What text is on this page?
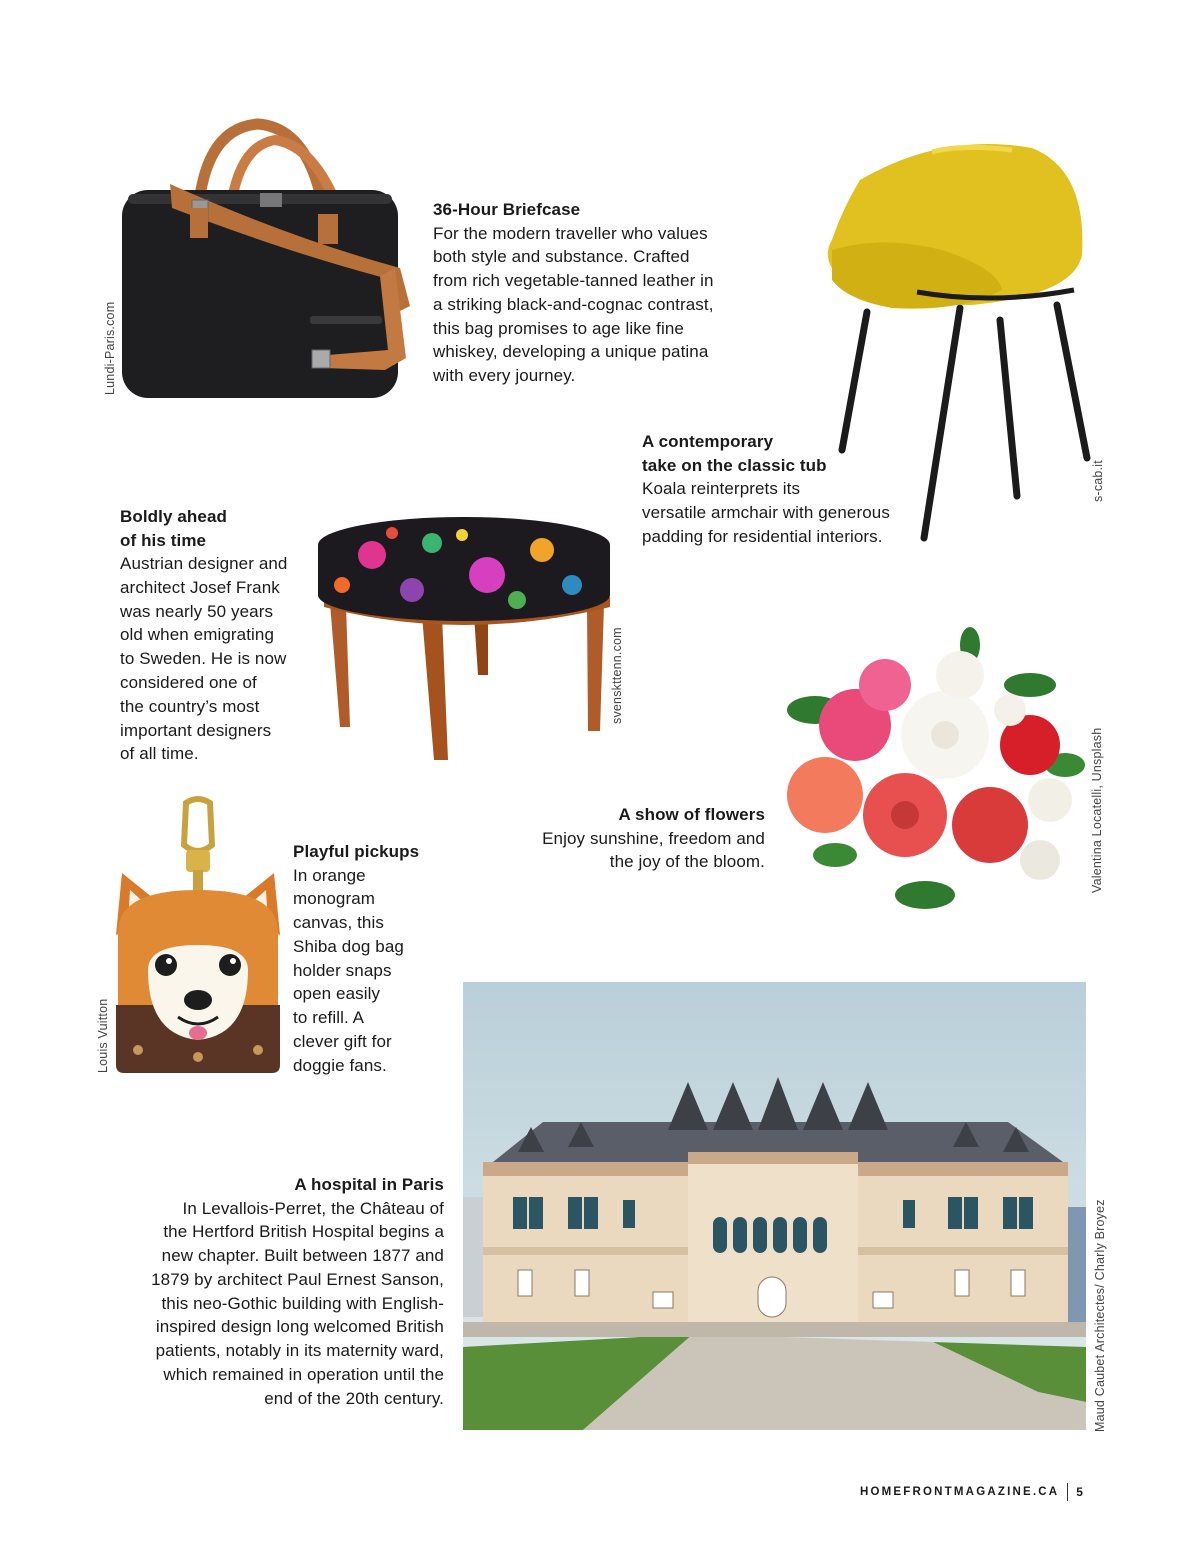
36-Hour Briefcase
For the modern traveller who values
both style and substance. Crafted
from rich vegetable-tanned leather in
a striking black-and-cognac contrast,
this bag promises to age like fine
whiskey, developing a unique patina
with every journey.
Lundi-Paris.com
A contemporary
take on the classic tub
Koala reinterprets its
versatile armchair with generous
padding for residential interiors.
s-cab.it
Boldly ahead
of his time
Austrian designer and
architect Josef Frank
was nearly 50 years
old when emigrating
to Sweden. He is now
considered one of
the country’s most
important designers
of all time.
svenskttenn.com
A show of flowers
Enjoy sunshine, freedom and
the joy of the bloom.	Valentina Locatelli, Unsplash
Louis Vuitton
Playful pickups
In orange
monogram
canvas, this
Shiba dog bag
holder snaps
open easily
to refill. A
clever gift for
doggie fans.
Maud Caubet Architectes/ Charly Broyez
A hospital in Paris
In Levallois-Perret, the Château of
the Hertford British Hospital begins a
new chapter. Built between 1877 and
1879 by architect Paul Ernest Sanson,
this neo-Gothic building with English-
inspired design long welcomed British
patients, notably in its maternity ward,
which remained in operation until the
end of the 20th century.
HOMEFRONTMAGAZINE.CA 5
